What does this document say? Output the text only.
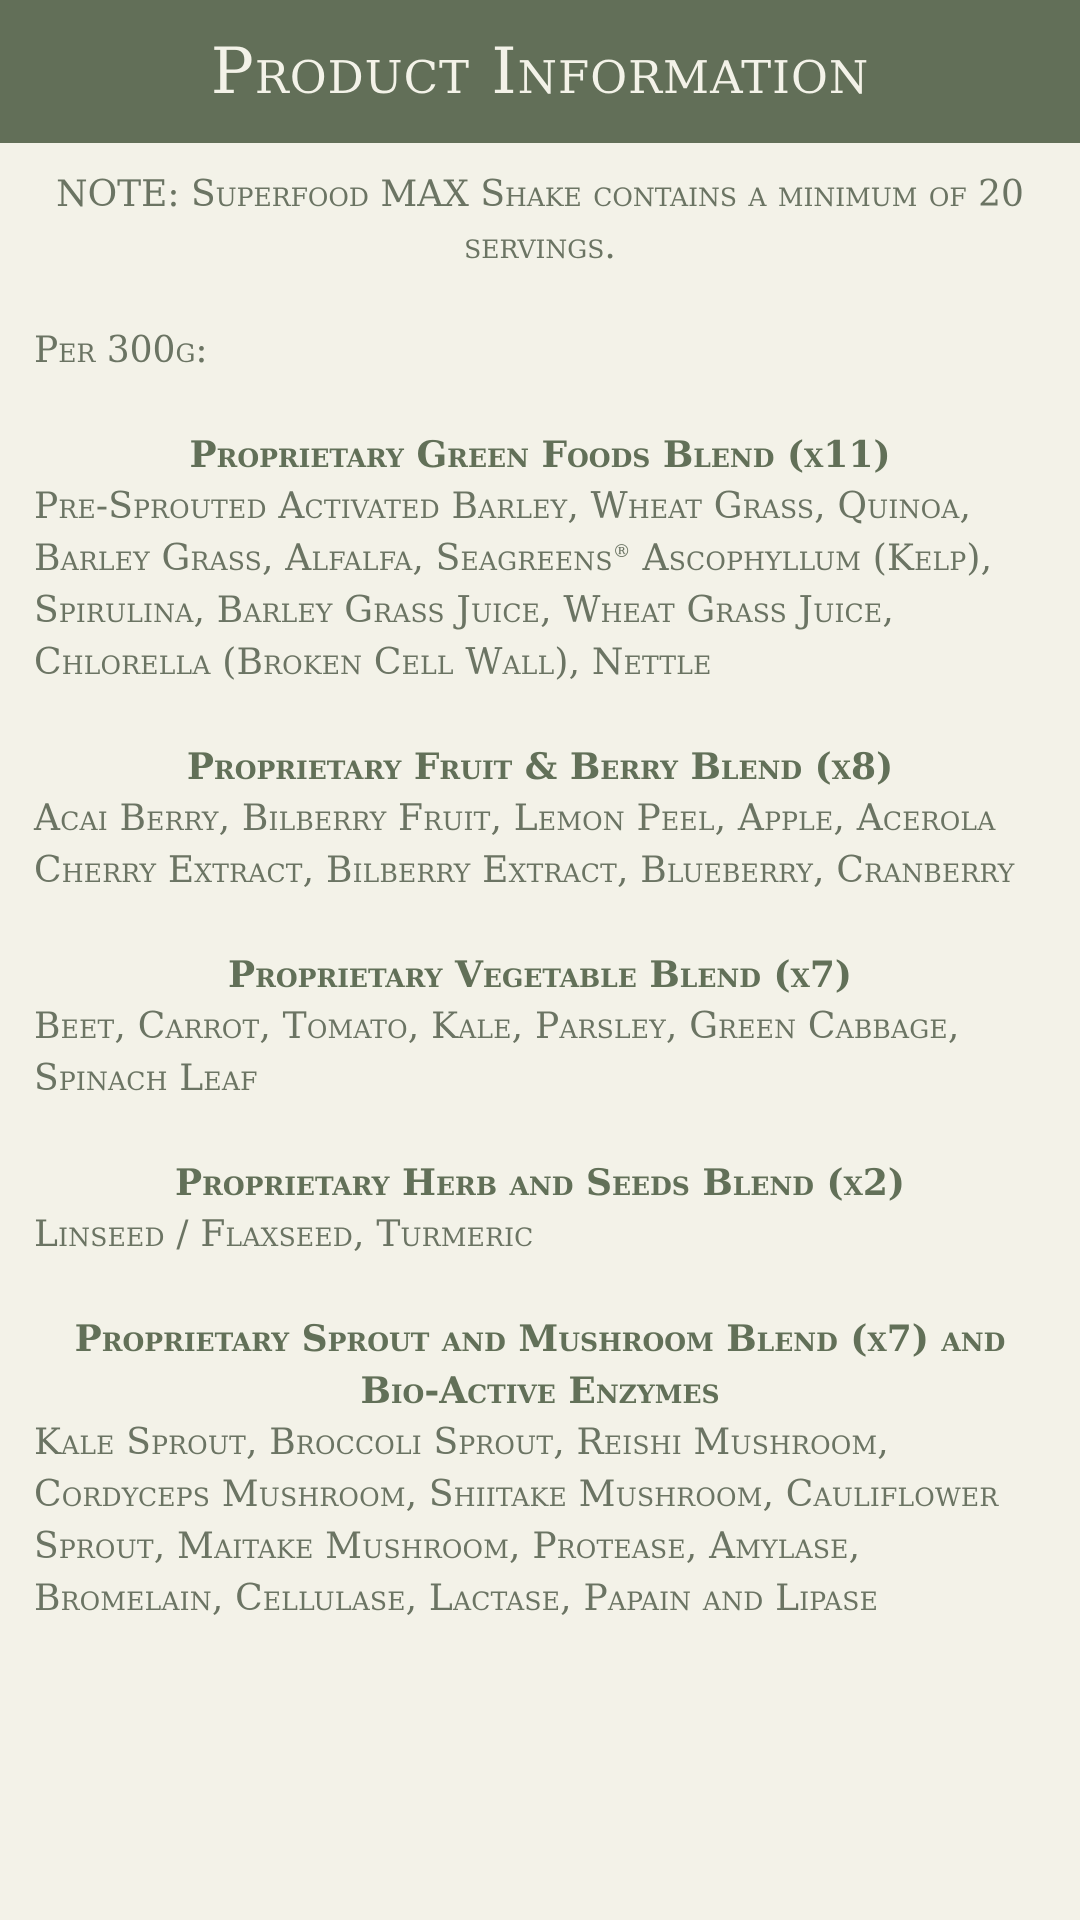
Product Information

NOTE: Superfood MAX Shake contains a minimum of 20 servings.

Per 300g:
Proprietary Green Foods Blend (x11)

Pre-Sprouted Activated Barley, Wheat Grass, Quinoa, Barley Grass, Alfalfa, Seagreens® Ascophyllum (Kelp), Spirulina, Barley Grass Juice, Wheat Grass Juice, Chlorella (Broken Cell Wall), Nettle

Proprietary Fruit & Berry Blend (x8)

Acai Berry, Bilberry Fruit, Lemon Peel, Apple, Acerola Cherry Extract, Bilberry Extract, Blueberry, Cranberry

Proprietary Vegetable Blend (x7)

Beet, Carrot, Tomato, Kale, Parsley, Green Cabbage, Spinach Leaf

Proprietary Herb and Seeds Blend (x2)

Linseed / Flaxseed, Turmeric

Proprietary Sprout and Mushroom Blend (x7) and Bio-Active Enzymes

Kale Sprout, Broccoli Sprout, Reishi Mushroom, Cordyceps Mushroom, Shiitake Mushroom, Cauliflower Sprout, Maitake Mushroom, Protease, Amylase, Bromelain, Cellulase, Lactase, Papain and Lipase
